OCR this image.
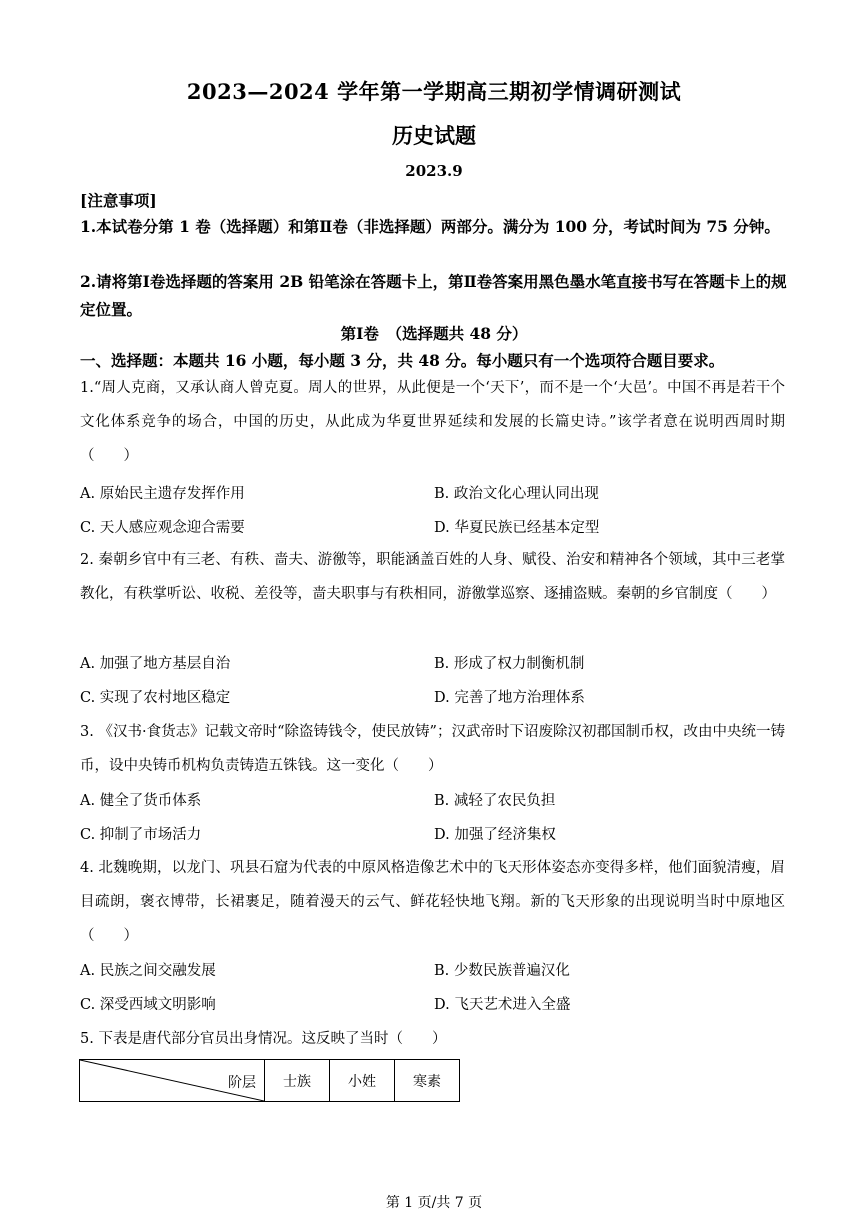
2023—2024 学年第一学期高三期初学情调研测试
历史试题
2023.9
[注意事项]
1.本试卷分第 1 卷（选择题）和第Ⅱ卷（非选择题）两部分。满分为 100 分，考试时间为 75 分钟。
2.请将第Ⅰ卷选择题的答案用 2B 铅笔涂在答题卡上，第Ⅱ卷答案用黑色墨水笔直接书写在答题卡上的规定位置。
第Ⅰ卷　（选择题共 48 分）
一、选择题：本题共 16 小题，每小题 3 分，共 48 分。每小题只有一个选项符合题目要求。
1.“周人克商，又承认商人曾克夏。周人的世界，从此便是一个‘天下’，而不是一个‘大邑’。中国不再是若干个文化体系竞争的场合，中国的历史，从此成为华夏世界延续和发展的长篇史诗。”该学者意在说明西周时期（　　）
A. 原始民主遗存发挥作用	B. 政治文化心理认同出现
C. 天人感应观念迎合需要	D. 华夏民族已经基本定型
2. 秦朝乡官中有三老、有秩、啬夫、游徼等，职能涵盖百姓的人身、赋役、治安和精神各个领域，其中三老掌教化，有秩掌听讼、收税、差役等，啬夫职事与有秩相同，游徼掌巡察、逐捕盗贼。秦朝的乡官制度（　　）
A. 加强了地方基层自治	B. 形成了权力制衡机制
C. 实现了农村地区稳定	D. 完善了地方治理体系
3. 《汉书·食货志》记载文帝时“除盗铸钱令，使民放铸”；汉武帝时下诏废除汉初郡国制币权，改由中央统一铸币，设中央铸币机构负责铸造五铢钱。这一变化（　　）
A. 健全了货币体系	B. 减轻了农民负担
C. 抑制了市场活力	D. 加强了经济集权
4. 北魏晚期，以龙门、巩县石窟为代表的中原风格造像艺术中的飞天形体姿态亦变得多样，他们面貌清瘦，眉目疏朗，褒衣博带，长裙裹足，随着漫天的云气、鲜花轻快地飞翔。新的飞天形象的出现说明当时中原地区（　　）
A. 民族之间交融发展	B. 少数民族普遍汉化
C. 深受西域文明影响	D. 飞天艺术进入全盛
5. 下表是唐代部分官员出身情况。这反映了当时（　　）
阶层	士族	小姓	寒素
第 1 页/共 7 页
